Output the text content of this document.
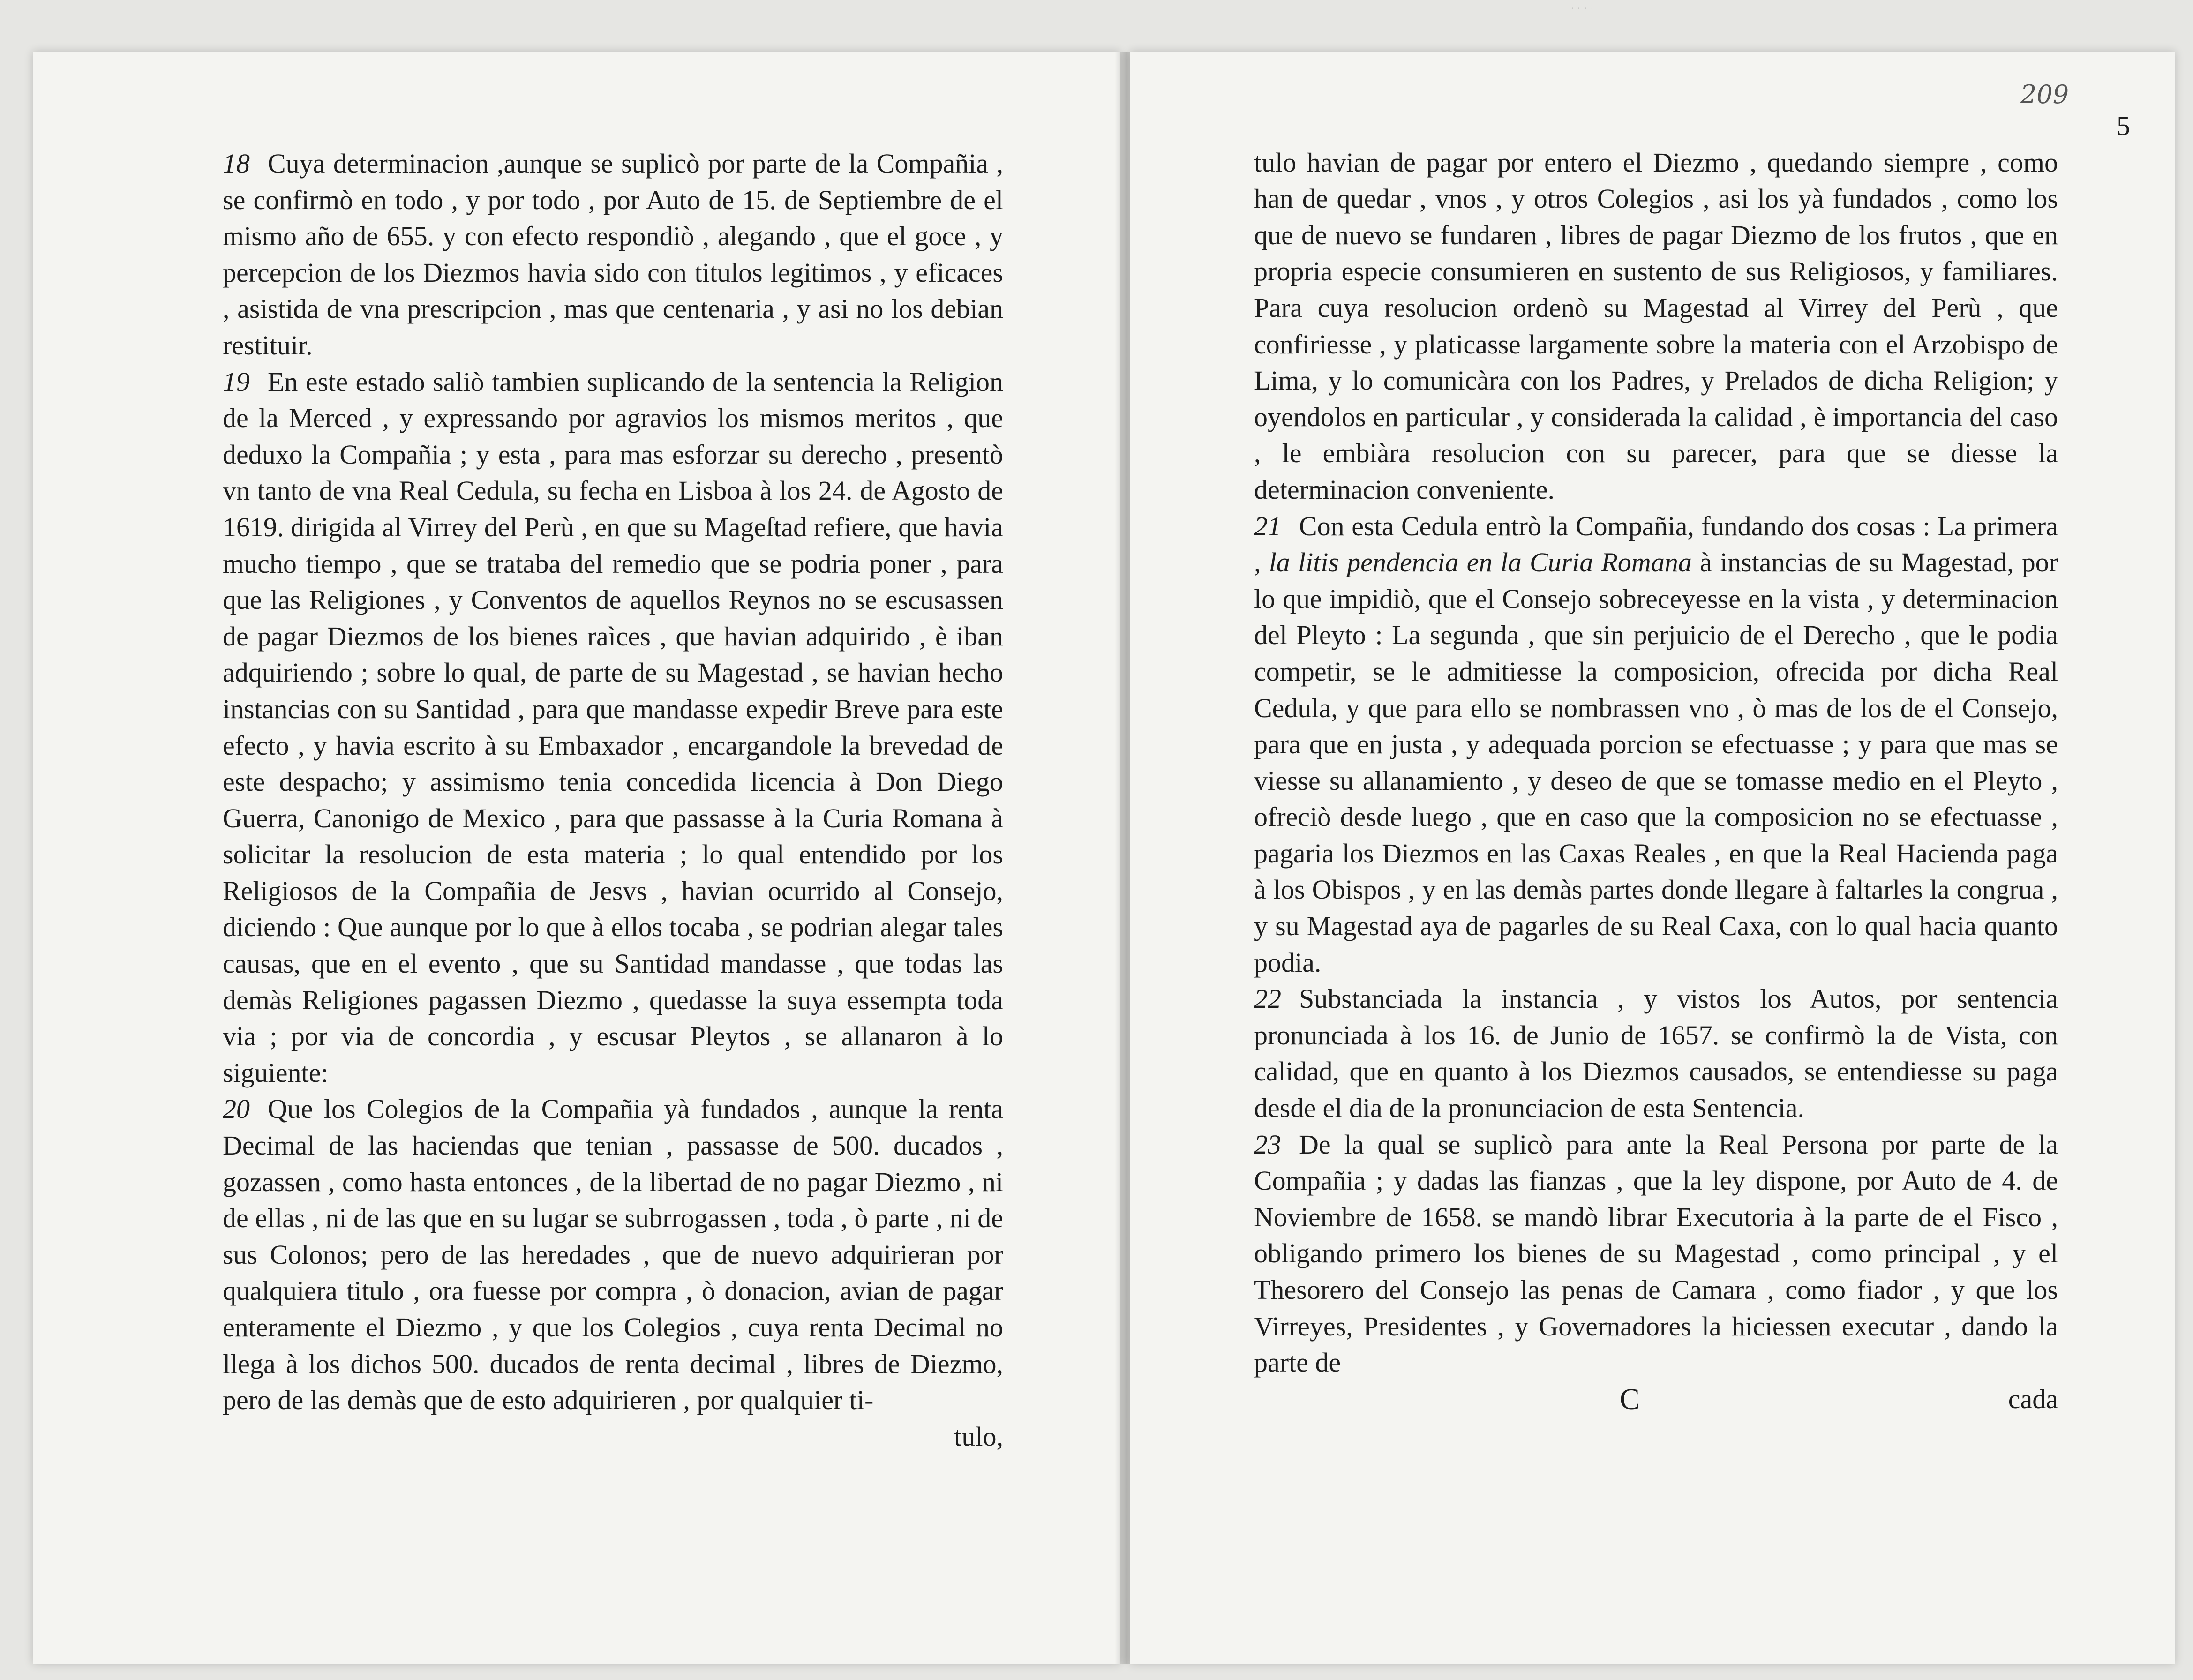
· · · ·

18 Cuya determinacion ,aunque se suplicò por parte de la Compañia , se confirmò en todo , y por todo , por Auto de 15. de Septiembre de el mismo año de 655. y con efecto respondiò , alegando , que el goce , y percepcion de los Diezmos havia sido con titulos legitimos , y eficaces , asistida de vna prescripcion , mas que centenaria , y asi no los debian restituir.

19 En este estado saliò tambien suplicando de la sentencia la Religion de la Merced , y expressando por agravios los mismos meritos , que deduxo la Compañia ; y esta , para mas esforzar su derecho , presentò vn tanto de vna Real Cedula, su fecha en Lisboa à los 24. de Agosto de 1619. dirigida al Virrey del Perù , en que su Mageſtad refiere, que havia mucho tiempo , que se trataba del remedio que se podria poner , para que las Religiones , y Conventos de aquellos Reynos no se escusassen de pagar Diezmos de los bienes raìces , que havian adquirido , è iban adquiriendo ; sobre lo qual, de parte de su Magestad , se havian hecho instancias con su Santidad , para que mandasse expedir Breve para este efecto , y havia escrito à su Embaxador , encargandole la brevedad de este despacho; y assimismo tenia concedida licencia à Don Diego Guerra, Canonigo de Mexico , para que passasse à la Curia Romana à solicitar la resolucion de esta materia ; lo qual entendido por los Religiosos de la Compañia de Jesvs , havian ocurrido al Consejo, diciendo : Que aunque por lo que à ellos tocaba , se podrian alegar tales causas, que en el evento , que su Santidad mandasse , que todas las demàs Religiones pagassen Diezmo , quedasse la suya essempta toda via ; por via de concordia , y escusar Pleytos , se allanaron à lo siguiente:

20 Que los Colegios de la Compañia yà fundados , aunque la renta Decimal de las haciendas que tenian , passasse de 500. ducados , gozassen , como hasta entonces , de la libertad de no pagar Diezmo , ni de ellas , ni de las que en su lugar se subrrogassen , toda , ò parte , ni de sus Colonos; pero de las heredades , que de nuevo adquirieran por qualquiera titulo , ora fuesse por compra , ò donacion, avian de pagar enteramente el Diezmo , y que los Colegios , cuya renta Decimal no llega à los dichos 500. ducados de renta decimal , libres de Diezmo, pero de las demàs que de esto adquirieren , por qualquier ti-

tulo,
5

tulo havian de pagar por entero el Diezmo , quedando siempre , como han de quedar , vnos , y otros Colegios , asi los yà fundados , como los que de nuevo se fundaren , libres de pagar Diezmo de los frutos , que en propria especie consumieren en sustento de sus Religiosos, y familiares. Para cuya resolucion ordenò su Magestad al Virrey del Perù , que confiriesse , y platicasse largamente sobre la materia con el Arzobispo de Lima, y lo comunicàra con los Padres, y Prelados de dicha Religion; y oyendolos en particular , y considerada la calidad , è importancia del caso , le embiàra resolucion con su parecer, para que se diesse la determinacion conveniente.

21 Con esta Cedula entrò la Compañia, fundando dos cosas : La primera , la litis pendencia en la Curia Romana à instancias de su Magestad, por lo que impidiò, que el Consejo sobreceyesse en la vista , y determinacion del Pleyto : La segunda , que sin perjuicio de el Derecho , que le podia competir, se le admitiesse la composicion, ofrecida por dicha Real Cedula, y que para ello se nombrassen vno , ò mas de los de el Consejo, para que en justa , y adequada porcion se efectuasse ; y para que mas se viesse su allanamiento , y deseo de que se tomasse medio en el Pleyto , ofreciò desde luego , que en caso que la composicion no se efectuasse , pagaria los Diezmos en las Caxas Reales , en que la Real Hacienda paga à los Obispos , y en las demàs partes donde llegare à faltarles la congrua , y su Magestad aya de pagarles de su Real Caxa, con lo qual hacia quanto podia.

22 Substanciada la instancia , y vistos los Autos, por sentencia pronunciada à los 16. de Junio de 1657. se confirmò la de Vista, con calidad, que en quanto à los Diezmos causados, se entendiesse su paga desde el dia de la pronunciacion de esta Sentencia.

23 De la qual se suplicò para ante la Real Persona por parte de la Compañia ; y dadas las fianzas , que la ley dispone, por Auto de 4. de Noviembre de 1658. se mandò librar Executoria à la parte de el Fisco , obligando primero los bienes de su Magestad , como principal , y el Thesorero del Consejo las penas de Camara , como fiador , y que los Virreyes, Presidentes , y Governadores la hiciessen executar , dando la parte de

C	cada
209
